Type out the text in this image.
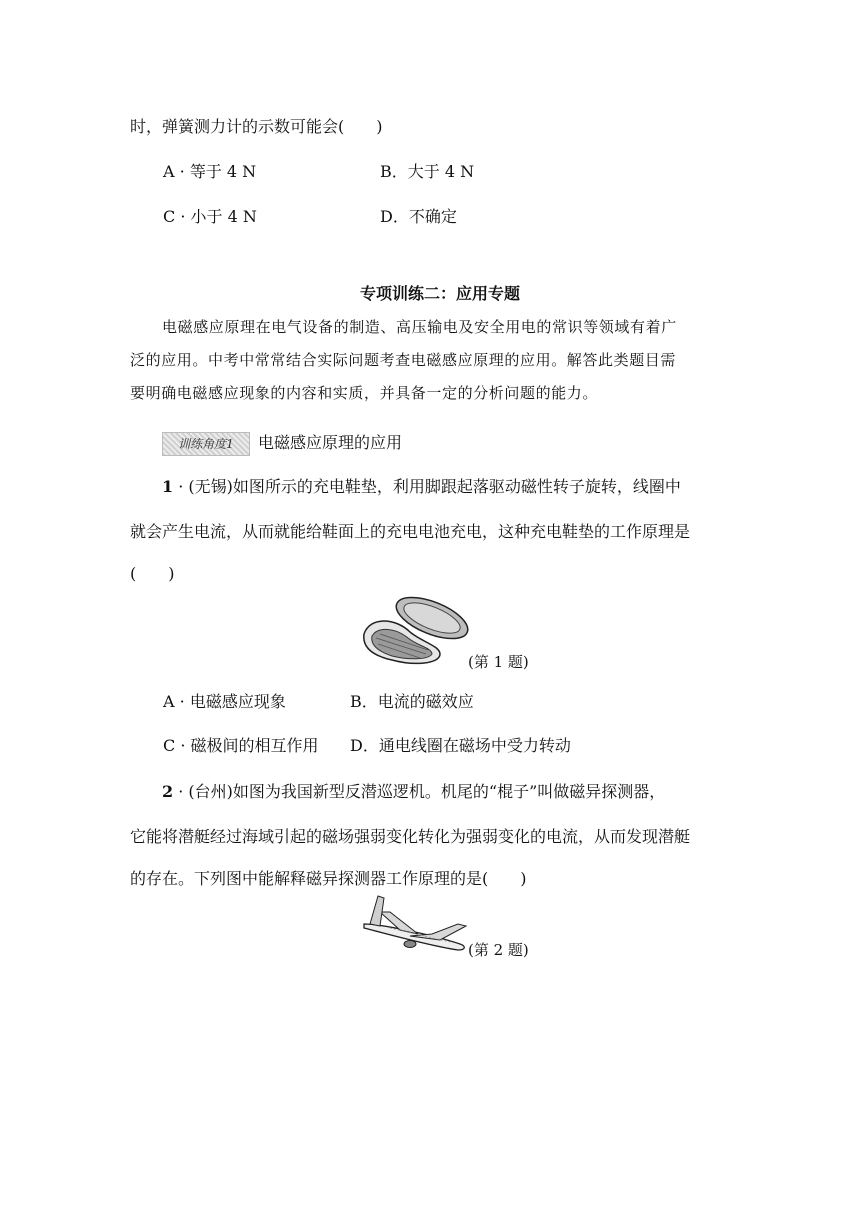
时，弹簧测力计的示数可能会(　　)
A · 等于 4 N	B．大于 4 N
C · 小于 4 N	D．不确定
专项训练二：应用专题
电磁感应原理在电气设备的制造、高压输电及安全用电的常识等领域有着广
泛的应用。中考中常常结合实际问题考查电磁感应原理的应用。解答此类题目需
要明确电磁感应现象的内容和实质，并具备一定的分析问题的能力。
训练角度1	电磁感应原理的应用
1 · (无锡)如图所示的充电鞋垫，利用脚跟起落驱动磁性转子旋转，线圈中
就会产生电流，从而就能给鞋面上的充电电池充电，这种充电鞋垫的工作原理是
(　　)
(第 1 题)
A · 电磁感应现象	B．电流的磁效应
C · 磁极间的相互作用 D．通电线圈在磁场中受力转动
2 · (台州)如图为我国新型反潜巡逻机。机尾的“棍子”叫做磁异探测器，
它能将潜艇经过海域引起的磁场强弱变化转化为强弱变化的电流，从而发现潜艇
的存在。下列图中能解释磁异探测器工作原理的是(　　)
(第 2 题)
